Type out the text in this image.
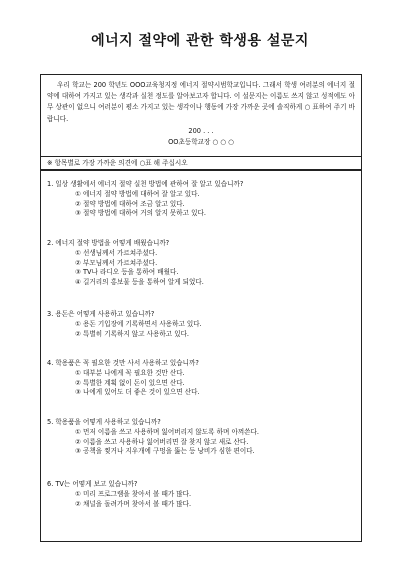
에너지 절약에 관한 학생용 설문지

우리 학교는 200 학년도 OOO교육청지정 에너지 절약시범학교입니다. 그래서 학생 여러분의 에너지 절약에 대하여 가지고 있는 생각과 실천 정도를 알아보고자 합니다. 이 설문지는 이름도 쓰지 않고 성적에도 아무 상관이 없으니 여러분이 평소 가지고 있는 생각이나 행동에 가장 가까운 곳에 솔직하게 ○ 표하여 주기 바랍니다.

200 . . .
OO초등학교장 ○ ○ ○
※ 항목별로 가장 가까운 의견에 ○표 해 주십시오
1. 일상 생활에서 에너지 절약 실천 방법에 관하여 잘 알고 있습니까?
① 에너지 절약 방법에 대하여 잘 알고 있다.
② 절약 방법에 대하여 조금 알고 있다.
③ 절약 방법에 대하여 거의 알지 못하고 있다.
2. 에너지 절약 방법을 어떻게 배웠습니까?
① 선생님께서 가르쳐주셨다.
② 부모님께서 가르쳐주셨다.
③ TV나 라디오 등을 통하여 배웠다.
④ 길거리의 홍보물 등을 통하여 알게 되었다.
3. 용돈은 어떻게 사용하고 있습니까?
① 용돈 기입장에 기록하면서 사용하고 있다.
② 특별히 기록하지 않고 사용하고 있다.
4. 학용품은 꼭 필요한 것만 사서 사용하고 있습니까?
① 대부분 나에게 꼭 필요한 것만 산다.
② 특별한 계획 없이 돈이 있으면 산다.
③ 나에게 있어도 더 좋은 것이 있으면 산다.
5. 학용품을 어떻게 사용하고 있습니까?
① 먼저 이름을 쓰고 사용하며 잃어버리지 않도록 하며 아껴쓴다.
② 이름을 쓰고 사용하나 잃어버리면 잘 찾지 않고 새로 산다.
③ 공책을 찢거나 지우개에 구멍을 뚫는 등 낭비가 심한 편이다.
6. TV는 어떻게 보고 있습니까?
① 미리 프로그램을 찾아서 볼 때가 많다.
② 채널을 돌려가며 찾아서 볼 때가 많다.
